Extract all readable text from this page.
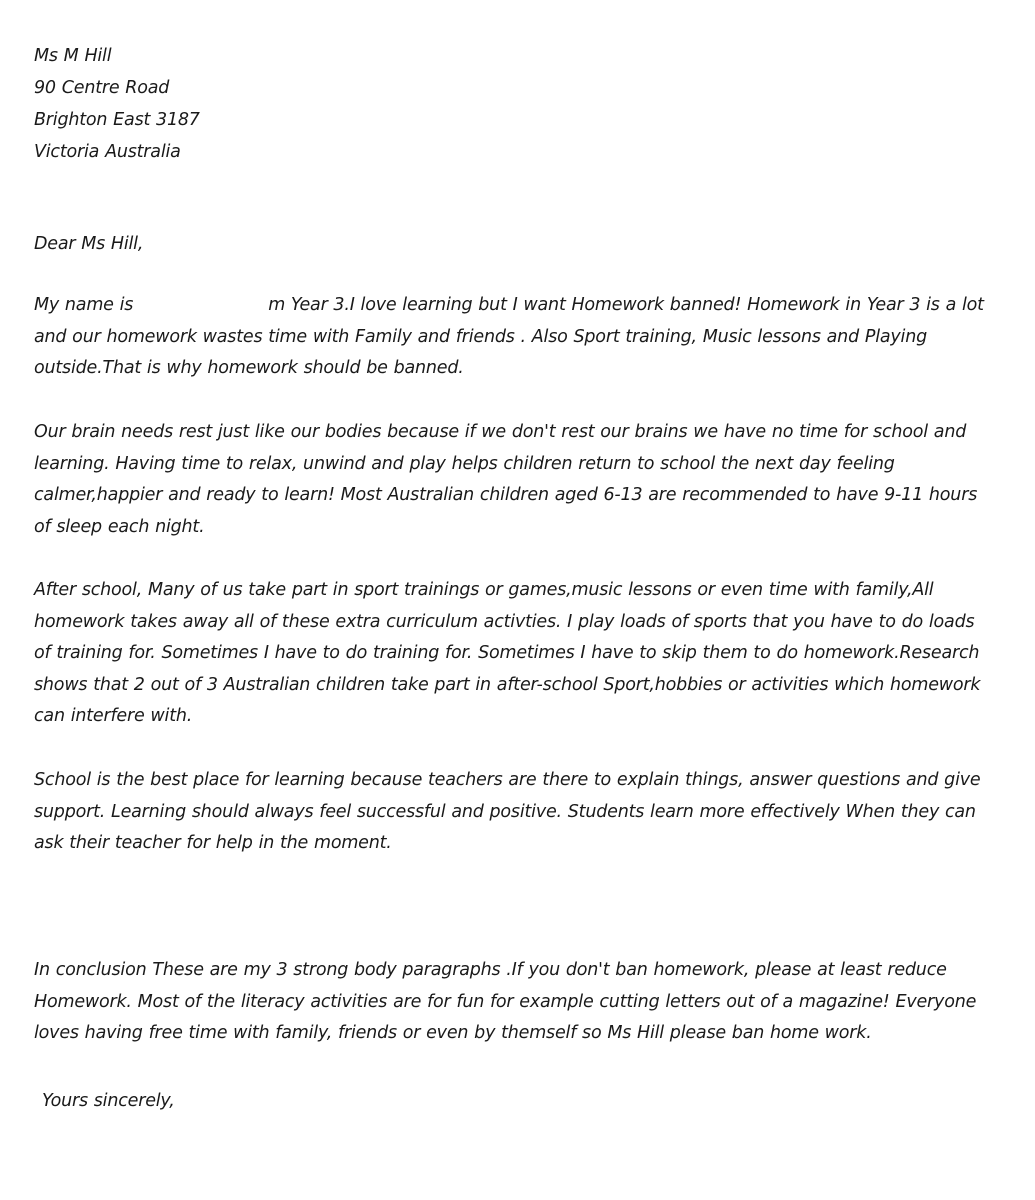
Ms M Hill
90 Centre Road
Brighton East 3187
Victoria Australia
Dear Ms Hill,

My name is	m Year 3.I love learning but I want Homework banned! Homework in Year 3 is a lot and our homework wastes time with Family and friends . Also Sport training, Music lessons and Playing outside.That is why homework should be banned.

Our brain needs rest just like our bodies because if we don't rest our brains we have no time for school and learning. Having time to relax, unwind and play helps children return to school the next day feeling calmer,happier and ready to learn! Most Australian children aged 6-13 are recommended to have 9-11 hours of sleep each night.

After school, Many of us take part in sport trainings or games,music lessons or even time with family,All homework takes away all of these extra curriculum activties. I play loads of sports that you have to do loads of training for. Sometimes I have to do training for. Sometimes I have to skip them to do homework.Research shows that 2 out of 3 Australian children take part in after-school Sport,hobbies or activities which homework can interfere with.

School is the best place for learning because teachers are there to explain things, answer questions and give support. Learning should always feel successful and positive. Students learn more effectively When they can ask their teacher for help in the moment.

In conclusion These are my 3 strong body paragraphs .If you don't ban homework, please at least reduce Homework. Most of the literacy activities are for fun for example cutting letters out of a magazine! Everyone loves having free time with family, friends or even by themself so Ms Hill please ban home work.

Yours sincerely,
